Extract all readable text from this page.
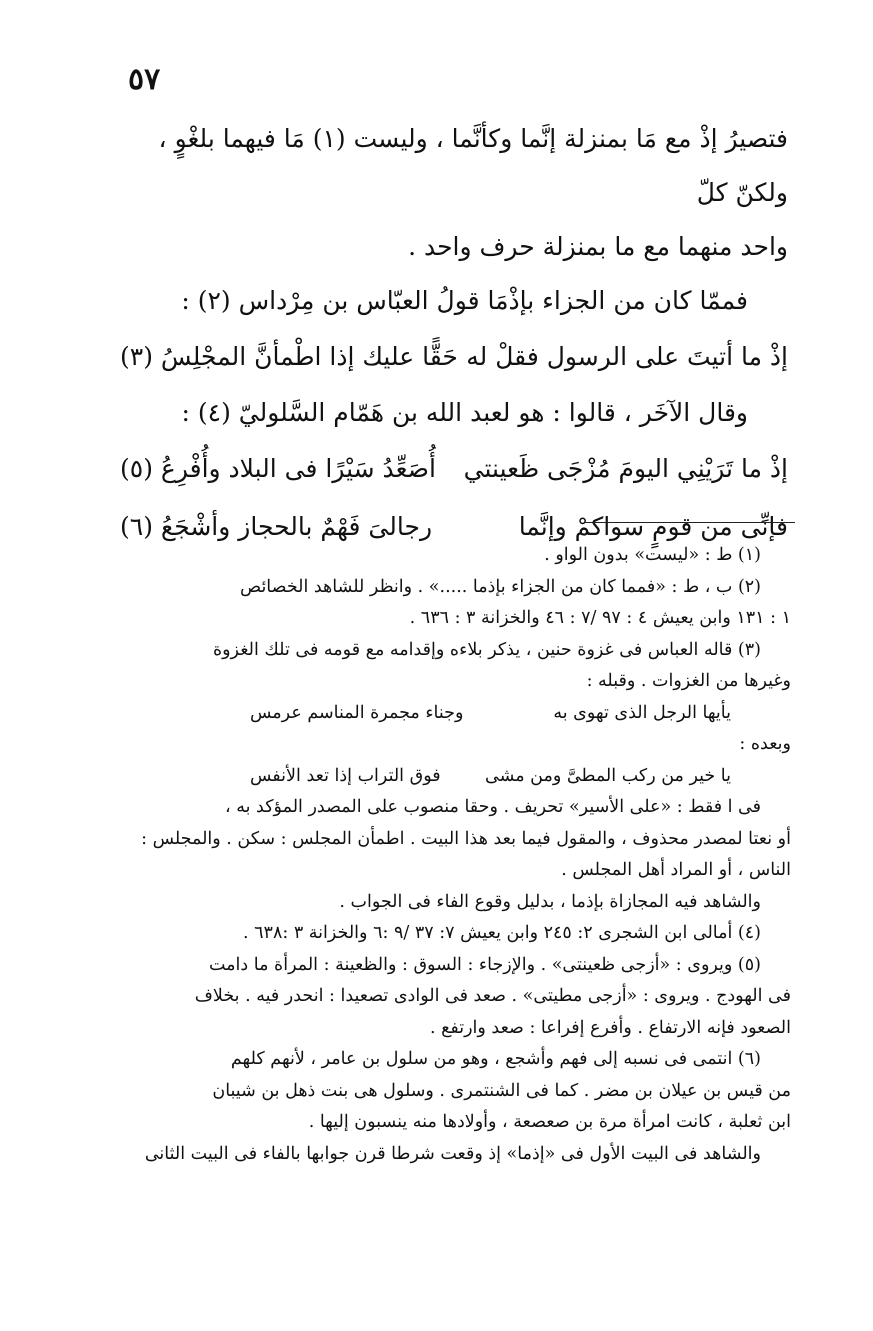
٥٧

فتصيرُ إذْ مع مَا بمنزلة إنَّما وكأنَّما ، وليست (١) مَا فيهما بلغْوٍ ، ولكنّ كلّ

واحد منهما مع ما بمنزلة حرف واحد .

فممّا كان من الجزاء بإذْمَا قولُ العبّاس بن مِرْداس (٢) :

إذْ ما أتيتَ على الرسول فقلْ له
حَقًّا عليك إذا اطْمأنَّ المجْلِسُ (٣)

وقال الآخَر ، قالوا : هو لعبد الله بن هَمّام السَّلوليّ (٤) :

إذْ ما تَرَيْنِي اليومَ مُزْجَى ظَعينتي
أُصَعِّدُ سَيْرًا فى البلاد وأُفْرِعُ (٥)
فإنِّى من قومٍ سواكمْ وإنَّما
رجالىَ فَهْمٌ بالحجاز وأشْجَعُ (٦)

(١) ط : «ليست» بدون الواو .

(٢) ب ، ط : «فمما كان من الجزاء بإذما .....» . وانظر للشاهد الخصائص

١ : ١٣١ وابن يعيش ٤ : ٩٧ /٧ : ٤٦ والخزانة ٣ : ٦٣٦ .

(٣) قاله العباس فى غزوة حنين ، يذكر بلاءه وإقدامه مع قومه فى تلك الغزوة

وغيرها من الغزوات . وقبله :

يأيها الرجل الذى تهوى به
وجناء مجمرة المناسم عرمس

وبعده :

يا خير من ركب المطىَّ ومن مشى
فوق التراب إذا تعد الأنفس

فى ا فقط : «على الأسير» تحريف . وحقا منصوب على المصدر المؤكد به ،

أو نعتا لمصدر محذوف ، والمقول فيما بعد هذا البيت . اطمأن المجلس : سكن . والمجلس :

الناس ، أو المراد أهل المجلس .

والشاهد فيه المجازاة بإذما ، بدليل وقوع الفاء فى الجواب .

(٤) أمالى ابن الشجرى ٢: ٢٤٥ وابن يعيش ٧: ٣٧ /٩ :٦ والخزانة ٣ :٦٣٨ .

(٥) ويروى : «أزجى ظعينتى» . والإزجاء : السوق : والظعينة : المرأة ما دامت

فى الهودج . ويروى : «أزجى مطيتى» . صعد فى الوادى تصعيدا : انحدر فيه . بخلاف

الصعود فإنه الارتفاع . وأفرع إفراعا : صعد وارتفع .

(٦) انتمى فى نسبه إلى فهم وأشجع ، وهو من سلول بن عامر ، لأنهم كلهم

من قيس بن عيلان بن مضر . كما فى الشنتمرى . وسلول هى بنت ذهل بن شيبان

ابن ثعلبة ، كانت امرأة مرة بن صعصعة ، وأولادها منه ينسبون إليها .

والشاهد فى البيت الأول فى «إذما» إذ وقعت شرطا قرن جوابها بالفاء فى البيت الثانى
